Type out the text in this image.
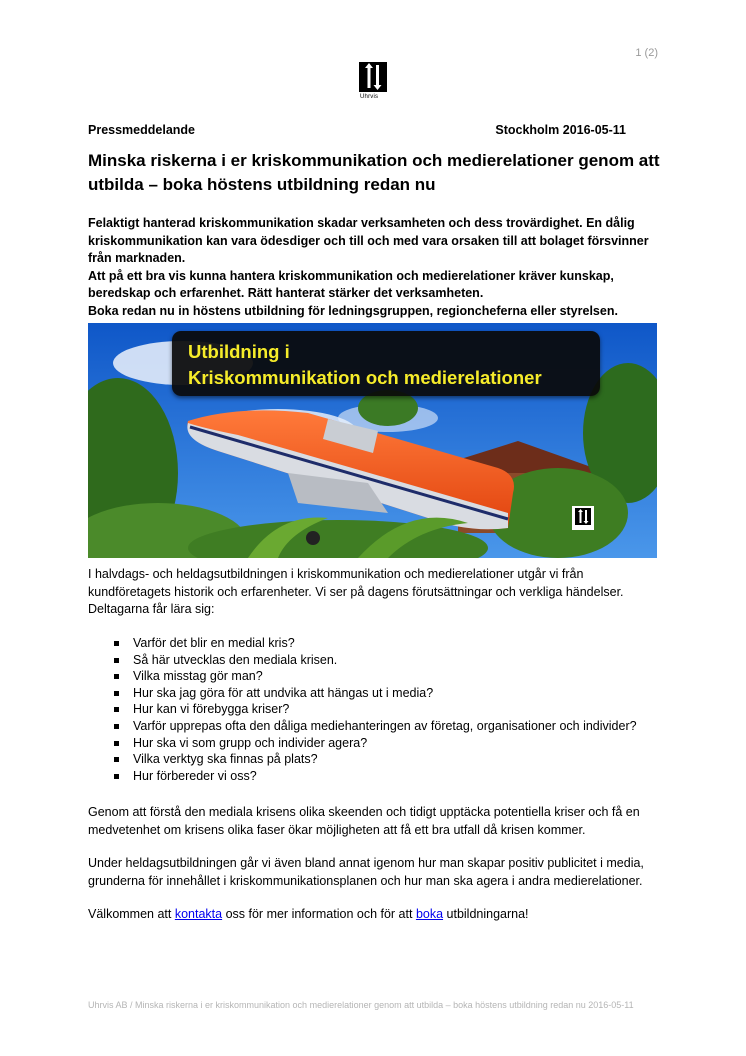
1 (2)
Uhrvis
Pressmeddelande	Stockholm 2016-05-11
Minska riskerna i er kriskommunikation och medierelationer genom att utbilda – boka höstens utbildning redan nu

Felaktigt hanterad kriskommunikation skadar verksamheten och dess trovärdighet. En dålig kriskommunikation kan vara ödesdiger och till och med vara orsaken till att bolaget försvinner från marknaden.

Att på ett bra vis kunna hantera kriskommunikation och medierelationer kräver kunskap, beredskap och erfarenhet. Rätt hanterat stärker det verksamheten.

Boka redan nu in höstens utbildning för ledningsgruppen, regioncheferna eller styrelsen.

Utbildning i
Kriskommunikation och medierelationer

I halvdags- och heldagsutbildningen i kriskommunikation och medierelationer utgår vi från kundföretagets historik och erfarenheter. Vi ser på dagens förutsättningar och verkliga händelser. Deltagarna får lära sig:

Varför det blir en medial kris?
Så här utvecklas den mediala krisen.
Vilka misstag gör man?
Hur ska jag göra för att undvika att hängas ut i media?
Hur kan vi förebygga kriser?
Varför upprepas ofta den dåliga mediehanteringen av företag, organisationer och individer?
Hur ska vi som grupp och individer agera?
Vilka verktyg ska finnas på plats?
Hur förbereder vi oss?

Genom att förstå den mediala krisens olika skeenden och tidigt upptäcka potentiella kriser och få en medvetenhet om krisens olika faser ökar möjligheten att få ett bra utfall då krisen kommer.

Under heldagsutbildningen går vi även bland annat igenom hur man skapar positiv publicitet i media, grunderna för innehållet i kriskommunikationsplanen och hur man ska agera i andra medierelationer.

Välkommen att kontakta oss för mer information och för att boka utbildningarna!

Uhrvis AB / Minska riskerna i er kriskommunikation och medierelationer genom att utbilda – boka höstens utbildning redan nu 2016-05-11
